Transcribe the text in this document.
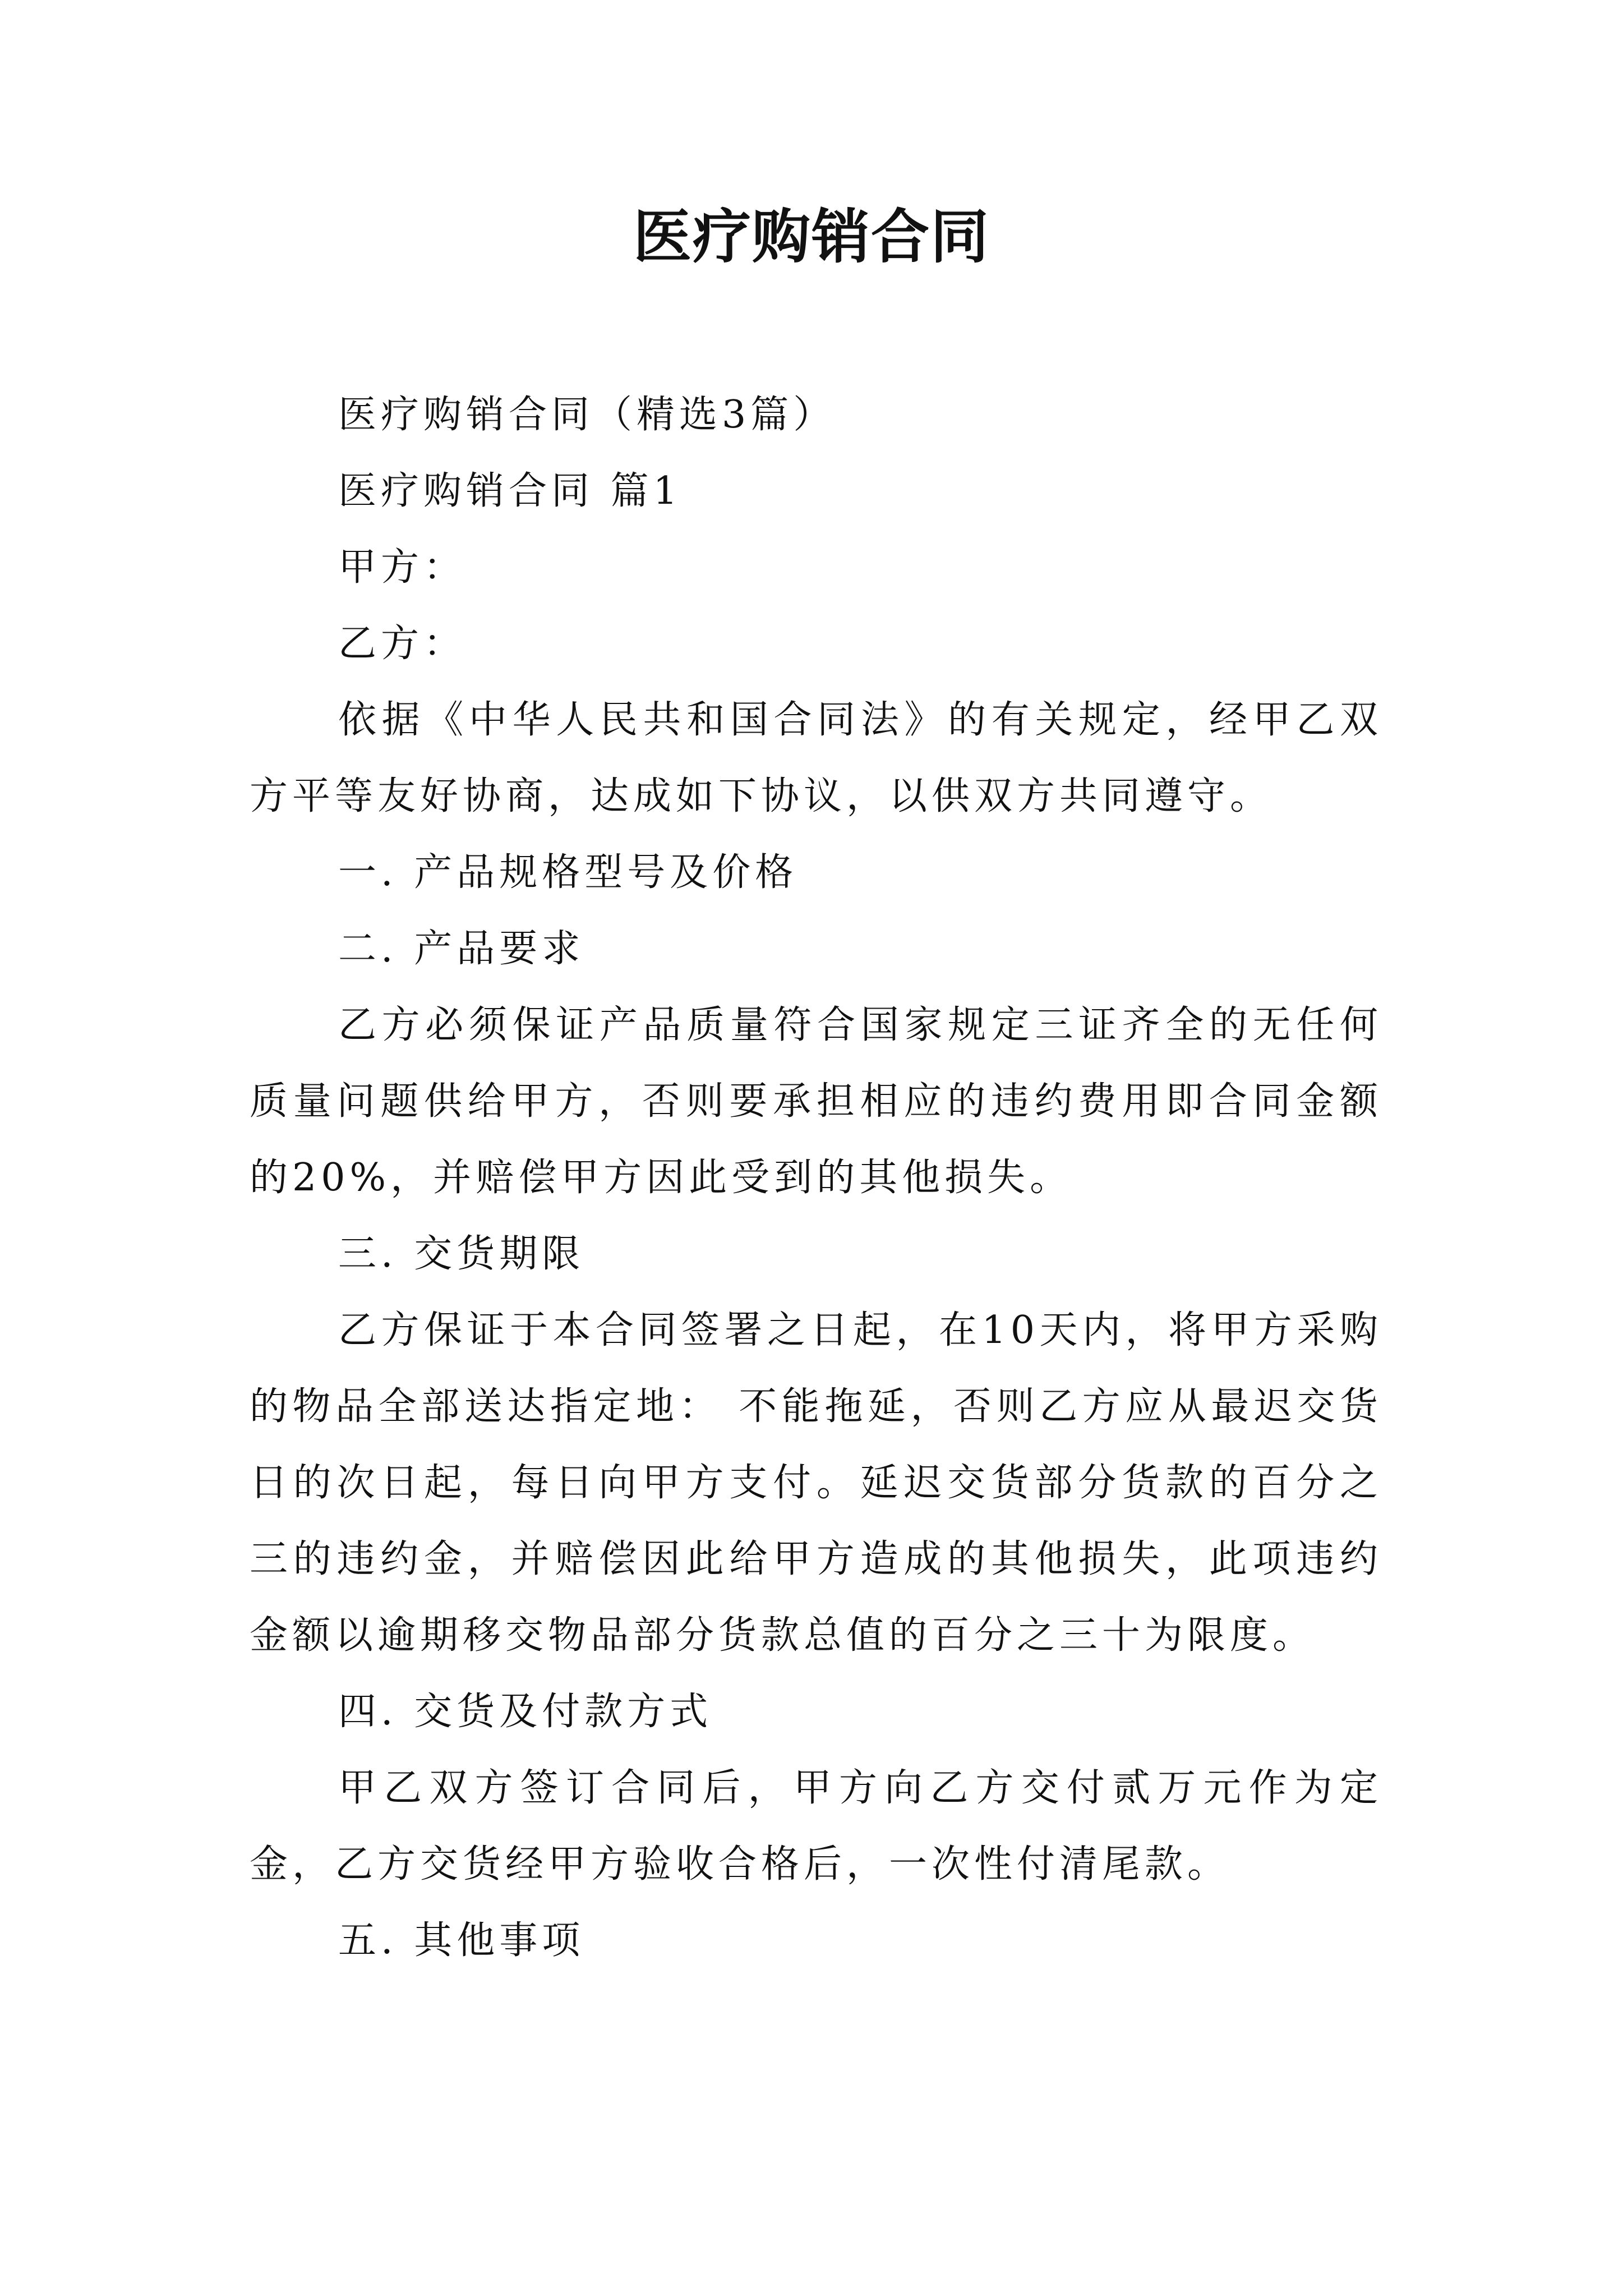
医疗购销合同

医疗购销合同（精选3篇）

医疗购销合同 篇1

甲方：

乙方：

依据《中华人民共和国合同法》的有关规定，经甲乙双方平等友好协商，达成如下协议，以供双方共同遵守。

一. 产品规格型号及价格

二. 产品要求

乙方必须保证产品质量符合国家规定三证齐全的无任何质量问题供给甲方，否则要承担相应的违约费用即合同金额的20%，并赔偿甲方因此受到的其他损失。

三. 交货期限

乙方保证于本合同签署之日起，在10天内，将甲方采购的物品全部送达指定地： 不能拖延，否则乙方应从最迟交货日的次日起，每日向甲方支付。延迟交货部分货款的百分之三的违约金，并赔偿因此给甲方造成的其他损失，此项违约金额以逾期移交物品部分货款总值的百分之三十为限度。

四. 交货及付款方式

甲乙双方签订合同后，甲方向乙方交付贰万元作为定金，乙方交货经甲方验收合格后，一次性付清尾款。

五. 其他事项
